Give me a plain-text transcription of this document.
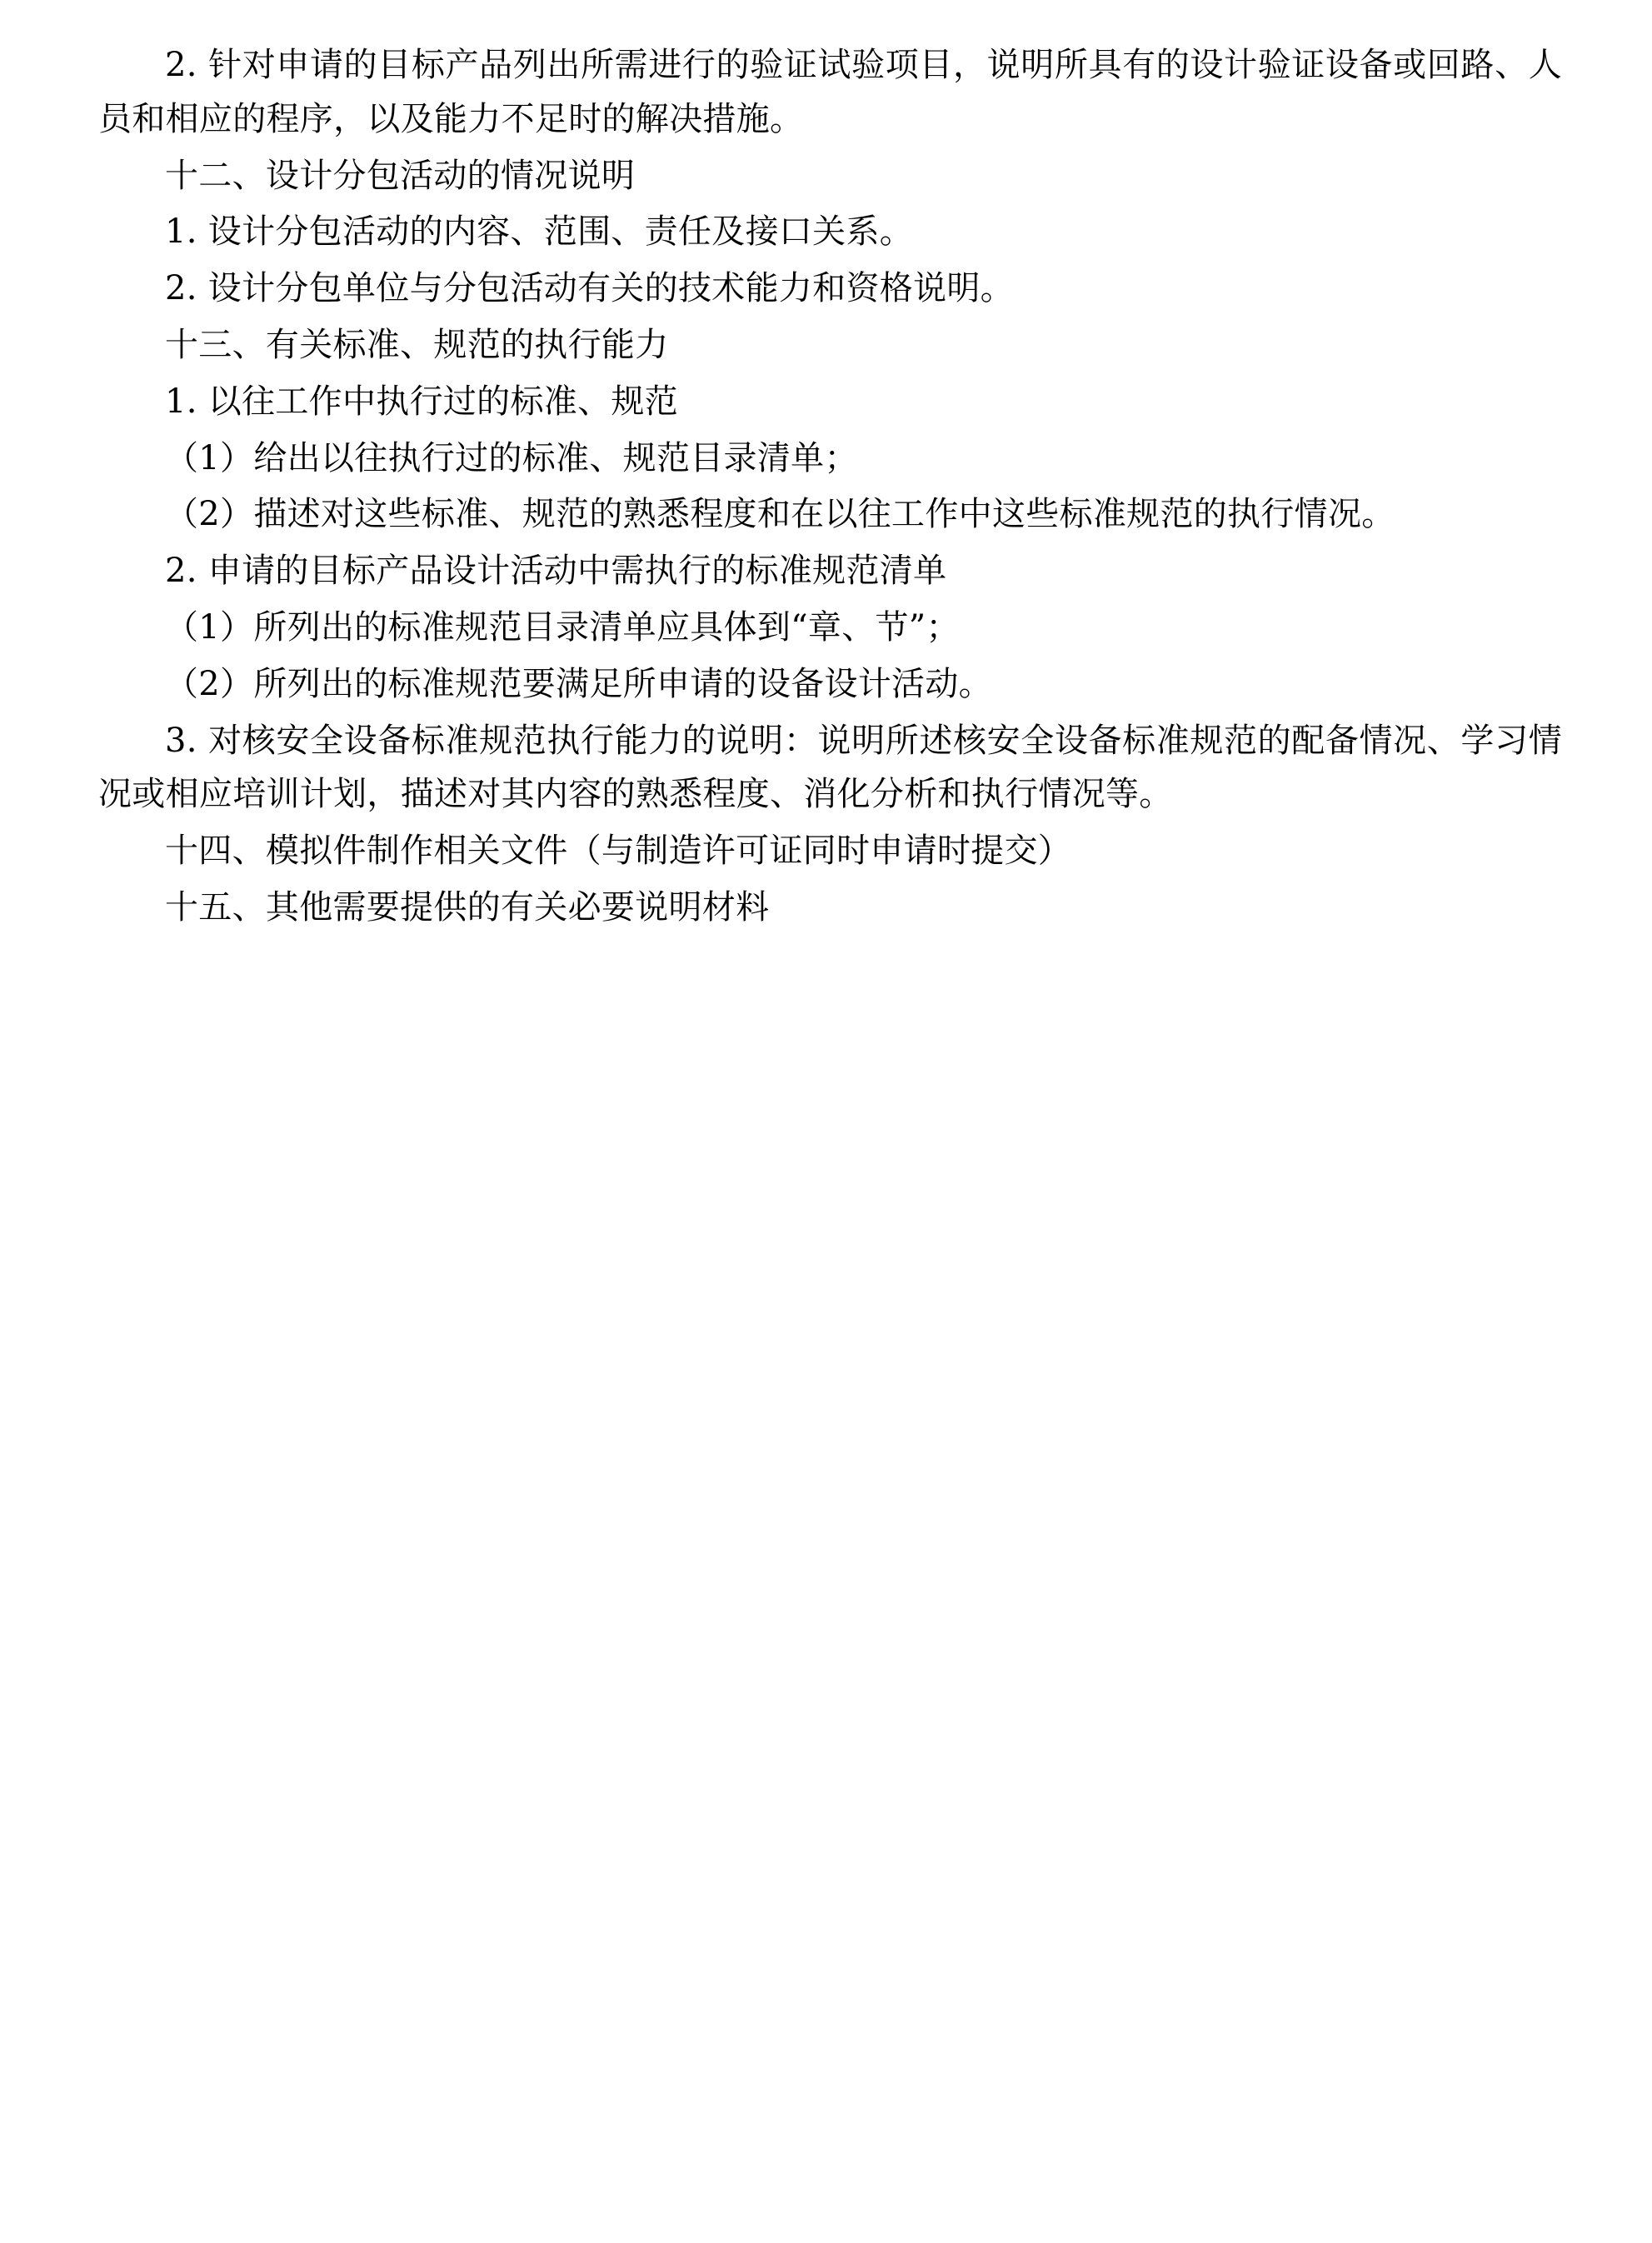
2. 针对申请的目标产品列出所需进行的验证试验项目，说明所具有的设计验证设备或回路、人员和相应的程序，以及能力不足时的解决措施。

十二、设计分包活动的情况说明

1. 设计分包活动的内容、范围、责任及接口关系。

2. 设计分包单位与分包活动有关的技术能力和资格说明。

十三、有关标准、规范的执行能力

1. 以往工作中执行过的标准、规范

（1）给出以往执行过的标准、规范目录清单；

（2）描述对这些标准、规范的熟悉程度和在以往工作中这些标准规范的执行情况。

2. 申请的目标产品设计活动中需执行的标准规范清单

（1）所列出的标准规范目录清单应具体到“章、节”；

（2）所列出的标准规范要满足所申请的设备设计活动。

3. 对核安全设备标准规范执行能力的说明：说明所述核安全设备标准规范的配备情况、学习情况或相应培训计划，描述对其内容的熟悉程度、消化分析和执行情况等。

十四、模拟件制作相关文件（与制造许可证同时申请时提交）

十五、其他需要提供的有关必要说明材料
